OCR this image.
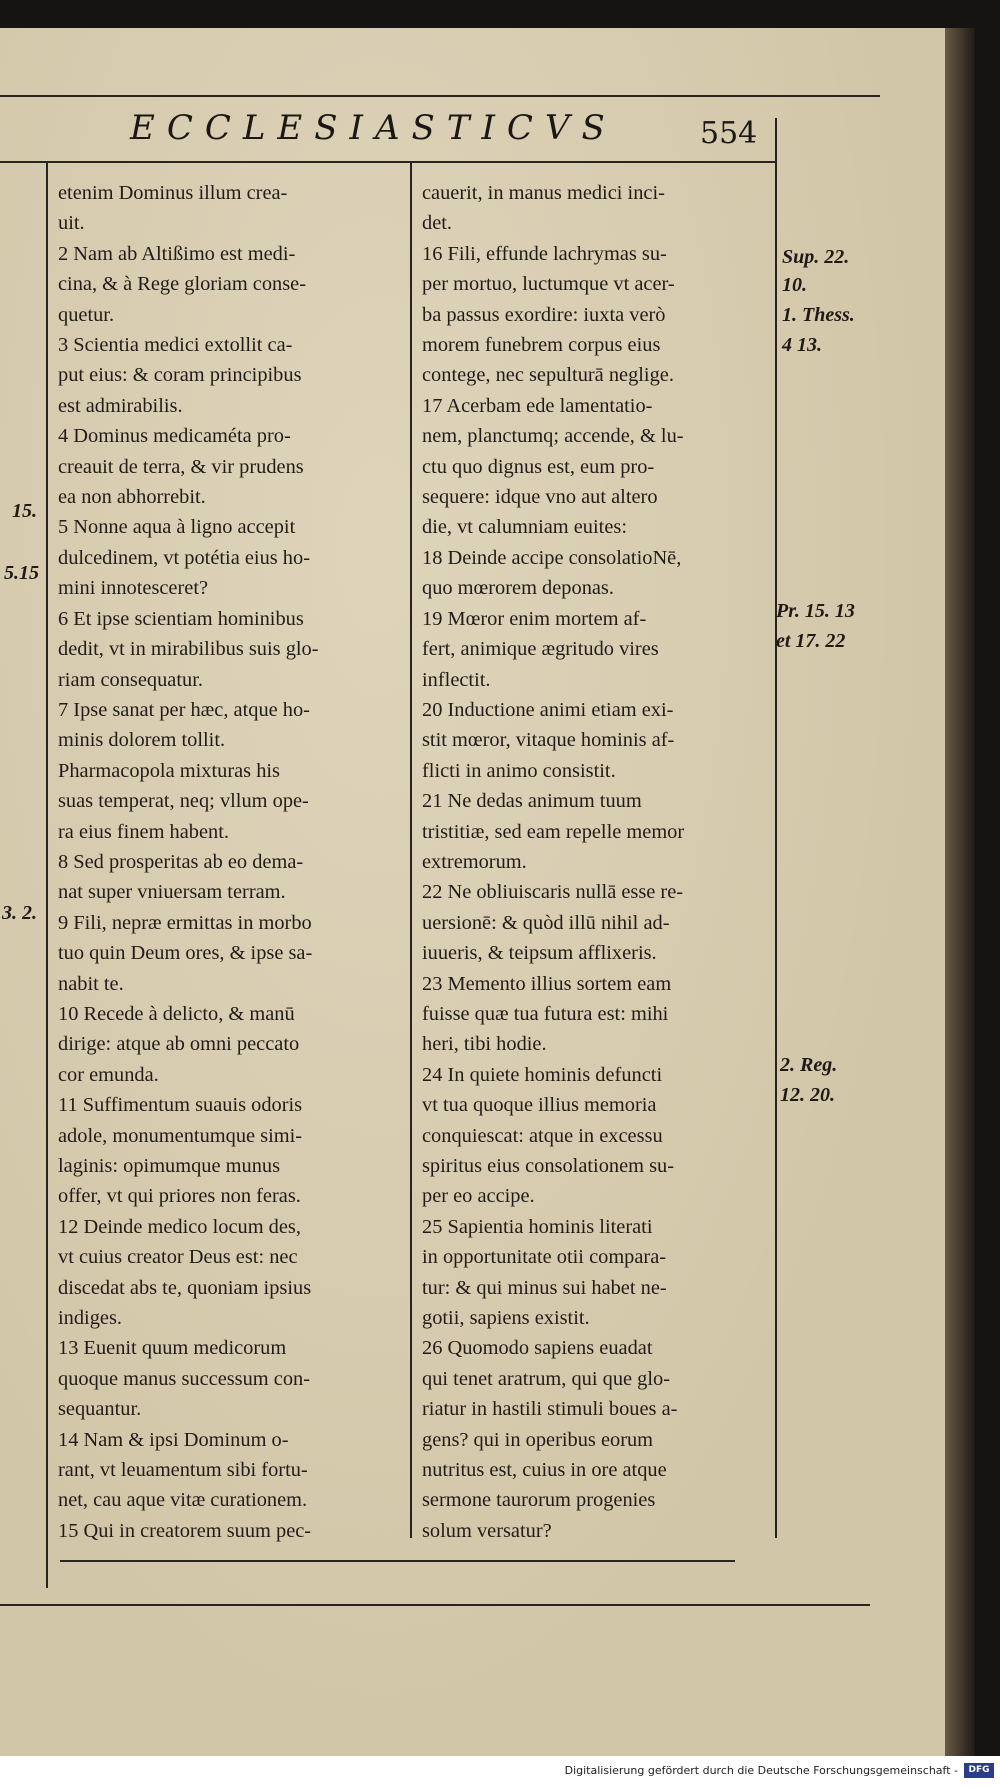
ECCLESIASTICVS	554

etenim Dominus illum crea-

uit.

2 Nam ab Altißimo est medi-

cina, & à Rege gloriam conse-

quetur.

3 Scientia medici extollit ca-

put eius: & coram principibus

est admirabilis.

4 Dominus medicaméta pro-

creauit de terra, & vir prudens

ea non abhorrebit.

5 Nonne aqua à ligno accepit

dulcedinem, vt potétia eius ho-

mini innotesceret?

6 Et ipse scientiam hominibus

dedit, vt in mirabilibus suis glo-

riam consequatur.

7 Ipse sanat per hæc, atque ho-

minis dolorem tollit.

Pharmacopola mixturas his

suas temperat, neq; vllum ope-

ra eius finem habent.

8 Sed prosperitas ab eo dema-

nat super vniuersam terram.

9 Fili, nepræ ermittas in morbo

tuo quin Deum ores, & ipse sa-

nabit te.

10 Recede à delicto, & manū

dirige: atque ab omni peccato

cor emunda.

11 Suffimentum suauis odoris

adole, monumentumque simi-

laginis: opimumque munus

offer, vt qui priores non feras.

12 Deinde medico locum des,

vt cuius creator Deus est: nec

discedat abs te, quoniam ipsius

indiges.

13 Euenit quum medicorum

quoque manus successum con-

sequantur.

14 Nam & ipsi Dominum o-

rant, vt leuamentum sibi fortu-

net, cau aque vitæ curationem.

15 Qui in creatorem suum pec-

cauerit, in manus medici inci-

det.

16 Fili, effunde lachrymas su-

per mortuo, luctumque vt acer-

ba passus exordire: iuxta verò

morem funebrem corpus eius

contege, nec sepulturā neglige.

17 Acerbam ede lamentatio-

nem, planctumq; accende, & lu-

ctu quo dignus est, eum pro-

sequere: idque vno aut altero

die, vt calumniam euites:

18 Deinde accipe consolatioNē,

quo mœrorem deponas.

19 Mœror enim mortem af-

fert, animique ægritudo vires

inflectit.

20 Inductione animi etiam exi-

stit mœror, vitaque hominis af-

flicti in animo consistit.

21 Ne dedas animum tuum

tristitiæ, sed eam repelle memor

extremorum.

22 Ne obliuiscaris nullā esse re-

uersionē: & quòd illū nihil ad-

iuueris, & teipsum afflixeris.

23 Memento illius sortem eam

fuisse quæ tua futura est: mihi

heri, tibi hodie.

24 In quiete hominis defuncti

vt tua quoque illius memoria

conquiescat: atque in excessu

spiritus eius consolationem su-

per eo accipe.

25 Sapientia hominis literati

in opportunitate otii compara-

tur: & qui minus sui habet ne-

gotii, sapiens existit.

26 Quomodo sapiens euadat

qui tenet aratrum, qui que glo-

riatur in hastili stimuli boues a-

gens? qui in operibus eorum

nutritus est, cuius in ore atque

sermone taurorum progenies

solum versatur?

15.
5.15
3. 2.
Sup. 22.
10.
1. Thess.
4 13.
Pr. 15. 13
et 17. 22
2. Reg.
12. 20.
Digitalisierung gefördert durch die Deutsche Forschungsgemeinschaft -	DFG
